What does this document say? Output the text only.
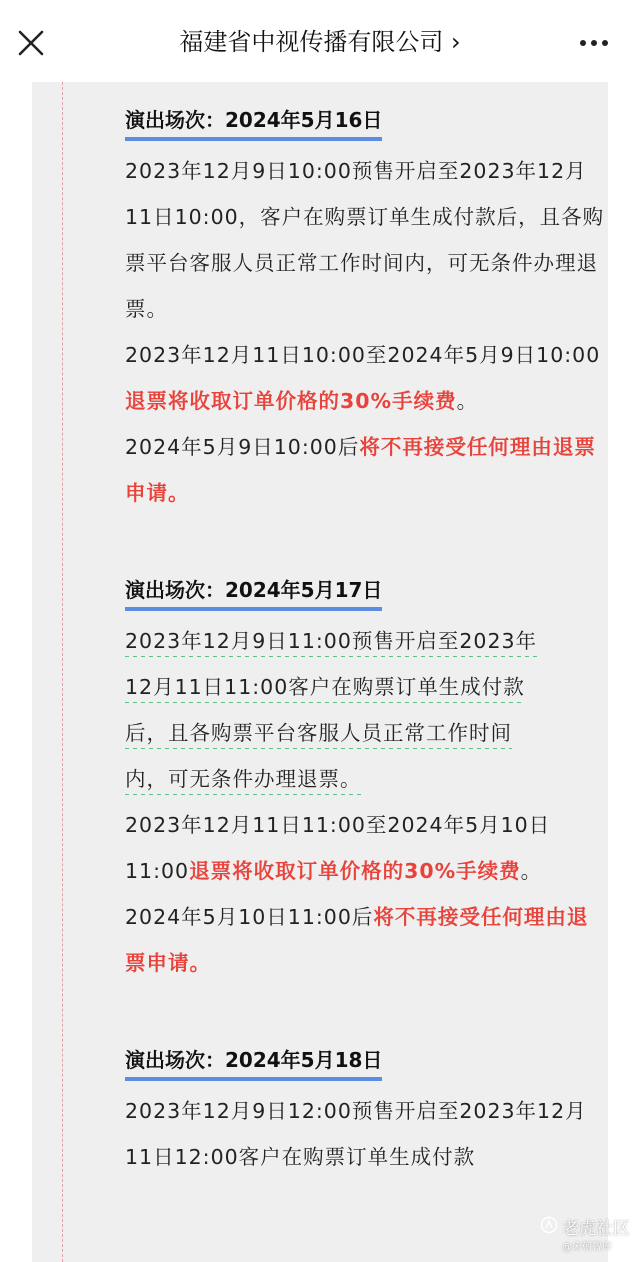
福建省中视传播有限公司 ›
演出场次：2024年5月16日

2023年12月9日10:00预售开启至2023年12月11日10:00，客户在购票订单生成付款后，且各购票平台客服人员正常工作时间内，可无条件办理退票。

2023年12月11日10:00至2024年5月9日10:00退票将收取订单价格的30%手续费。

2024年5月9日10:00后将不再接受任何理由退票申请。

演出场次：2024年5月17日

2023年12月9日11:00预售开启至2023年
12月11日11:00客户在购票订单生成付款
后，且各购票平台客服人员正常工作时间
内，可无条件办理退票。

2023年12月11日11:00至2024年5月10日11:00退票将收取订单价格的30%手续费。

2024年5月10日11:00后将不再接受任何理由退票申请。

演出场次：2024年5月18日

2023年12月9日12:00预售开启至2023年12月11日12:00客户在购票订单生成付款

老虎社区
@宋朝智库
